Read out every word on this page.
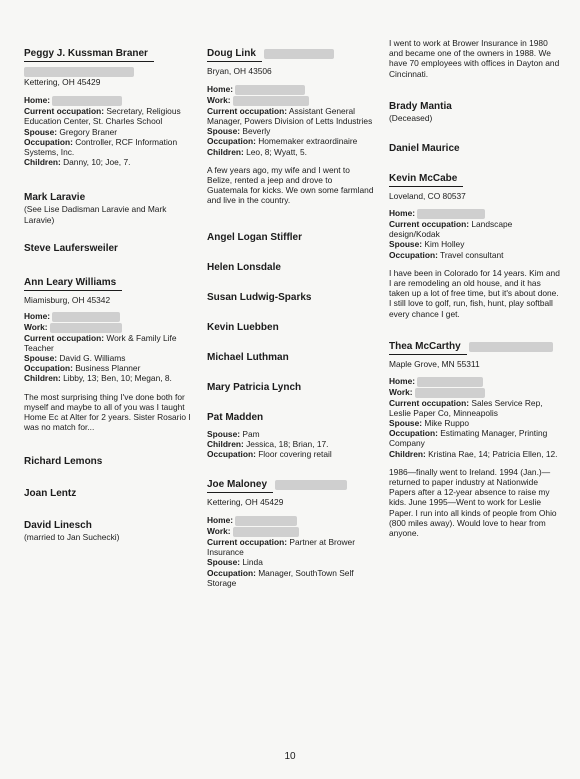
Peggy J. Kussman Braner
Kettering, OH 45429
Home:
Current occupation: Secretary, Religious Education Center, St. Charles School
Spouse: Gregory Braner
Occupation: Controller, RCF Information Systems, Inc.
Children: Danny, 10; Joe, 7.
Mark Laravie
(See Lise Dadisman Laravie and Mark Laravie)
Steve Laufersweiler
Ann Leary Williams
Miamisburg, OH 45342
Home:
Work:
Current occupation: Work & Family Life Teacher
Spouse: David G. Williams
Occupation: Business Planner
Children: Libby, 13; Ben, 10; Megan, 8.
The most surprising thing I've done both for myself and maybe to all of you was I taught Home Ec at Alter for 2 years. Sister Rosario I was no match for...
Richard Lemons
Joan Lentz
David Linesch
(married to Jan Suchecki)
Doug Link
Bryan, OH 43506
Home:
Work:
Current occupation: Assistant General Manager, Powers Division of Letts Industries
Spouse: Beverly
Occupation: Homemaker extraordinaire
Children: Leo, 8; Wyatt, 5.
A few years ago, my wife and I went to Belize, rented a jeep and drove to Guatemala for kicks. We own some farmland and live in the country.
Angel Logan Stiffler
Helen Lonsdale
Susan Ludwig-Sparks
Kevin Luebben
Michael Luthman
Mary Patricia Lynch
Pat Madden
Spouse: Pam
Children: Jessica, 18; Brian, 17.
Occupation: Floor covering retail
Joe Maloney
Kettering, OH 45429
Home:
Work:
Current occupation: Partner at Brower Insurance
Spouse: Linda
Occupation: Manager, SouthTown Self Storage
I went to work at Brower Insurance in 1980 and became one of the owners in 1988. We have 70 employees with offices in Dayton and Cincinnati.
Brady Mantia
(Deceased)
Daniel Maurice
Kevin McCabe
Loveland, CO 80537
Home:
Current occupation: Landscape design/Kodak
Spouse: Kim Holley
Occupation: Travel consultant
I have been in Colorado for 14 years. Kim and I are remodeling an old house, and it has taken up a lot of free time, but it's about done. I still love to golf, run, fish, hunt, play softball every chance I get.
Thea McCarthy
Maple Grove, MN 55311
Home:
Work:
Current occupation: Sales Service Rep, Leslie Paper Co, Minneapolis
Spouse: Mike Ruppo
Occupation: Estimating Manager, Printing Company
Children: Kristina Rae, 14; Patricia Ellen, 12.
1986—finally went to Ireland. 1994 (Jan.)—returned to paper industry at Nationwide Papers after a 12-year absence to raise my kids. June 1995—Went to work for Leslie Paper. I run into all kinds of people from Ohio (800 miles away). Would love to hear from anyone.
10
